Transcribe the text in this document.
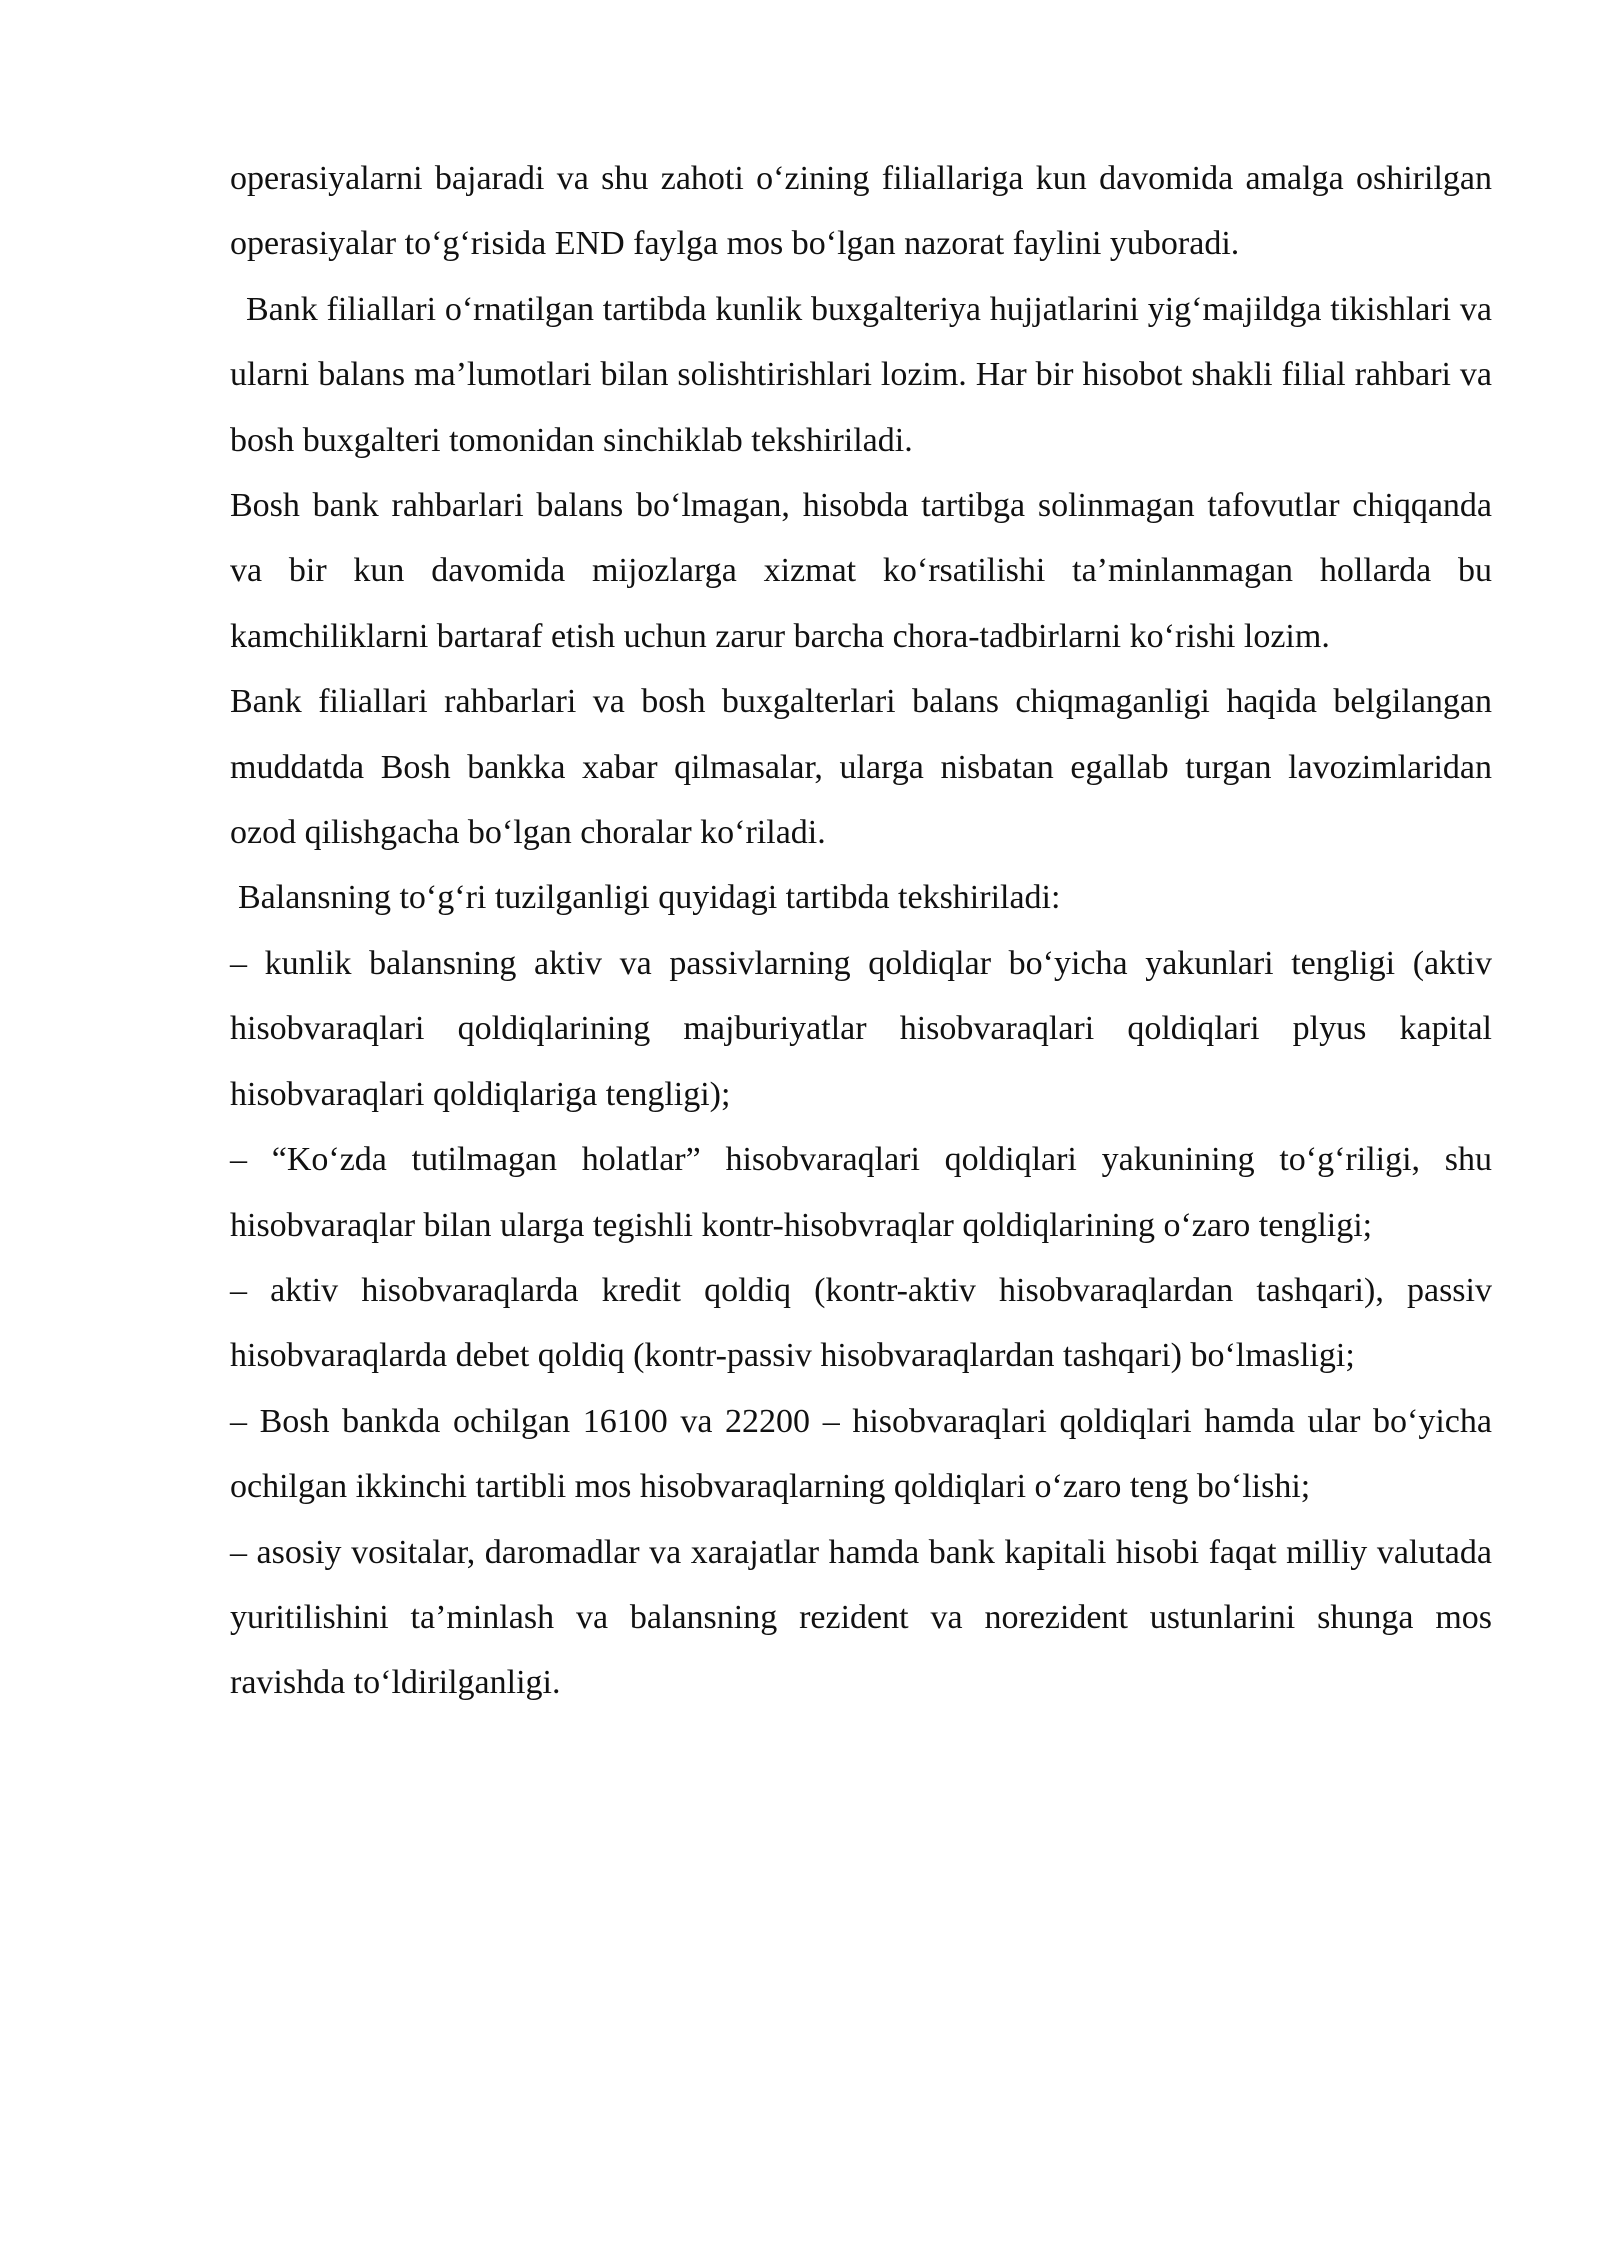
operasiyalarni bajaradi va shu zahoti o‘zining filiallariga kun davomida amalga oshirilgan operasiyalar to‘g‘risida END faylga mos bo‘lgan nazorat faylini yuboradi.

Bank filiallari o‘rnatilgan tartibda kunlik buxgalteriya hujjatlarini yig‘majildga tikishlari va ularni balans ma’lumotlari bilan solishtirishlari lozim. Har bir hisobot shakli filial rahbari va bosh buxgalteri tomonidan sinchiklab tekshiriladi.

Bosh bank rahbarlari balans bo‘lmagan, hisobda tartibga solinmagan tafovutlar chiqqanda va bir kun davomida mijozlarga xizmat ko‘rsatilishi ta’minlanmagan hollarda bu kamchiliklarni bartaraf etish uchun zarur barcha chora-tadbirlarni ko‘rishi lozim.

Bank filiallari rahbarlari va bosh buxgalterlari balans chiqmaganligi haqida belgilangan muddatda Bosh bankka xabar qilmasalar, ularga nisbatan egallab turgan lavozimlaridan ozod qilishgacha bo‘lgan choralar ko‘riladi.

Balansning to‘g‘ri tuzilganligi quyidagi tartibda tekshiriladi:

– kunlik balansning aktiv va passivlarning qoldiqlar bo‘yicha yakunlari tengligi (aktiv hisobvaraqlari qoldiqlarining majburiyatlar hisobvaraqlari qoldiqlari plyus kapital hisobvaraqlari qoldiqlariga tengligi);

– “Ko‘zda tutilmagan holatlar” hisobvaraqlari qoldiqlari yakunining to‘g‘riligi, shu hisobvaraqlar bilan ularga tegishli kontr-hisobvraqlar qoldiqlarining o‘zaro tengligi;

– aktiv hisobvaraqlarda kredit qoldiq (kontr-aktiv hisobvaraqlardan tashqari), passiv hisobvaraqlarda debet qoldiq (kontr-passiv hisobvaraqlardan tashqari) bo‘lmasligi;

– Bosh bankda ochilgan 16100 va 22200 – hisobvaraqlari qoldiqlari hamda ular bo‘yicha ochilgan ikkinchi tartibli mos hisobvaraqlarning qoldiqlari o‘zaro teng bo‘lishi;

– asosiy vositalar, daromadlar va xarajatlar hamda bank kapitali hisobi faqat milliy valutada yuritilishini ta’minlash va balansning rezident va norezident ustunlarini shunga mos ravishda to‘ldirilganligi.
